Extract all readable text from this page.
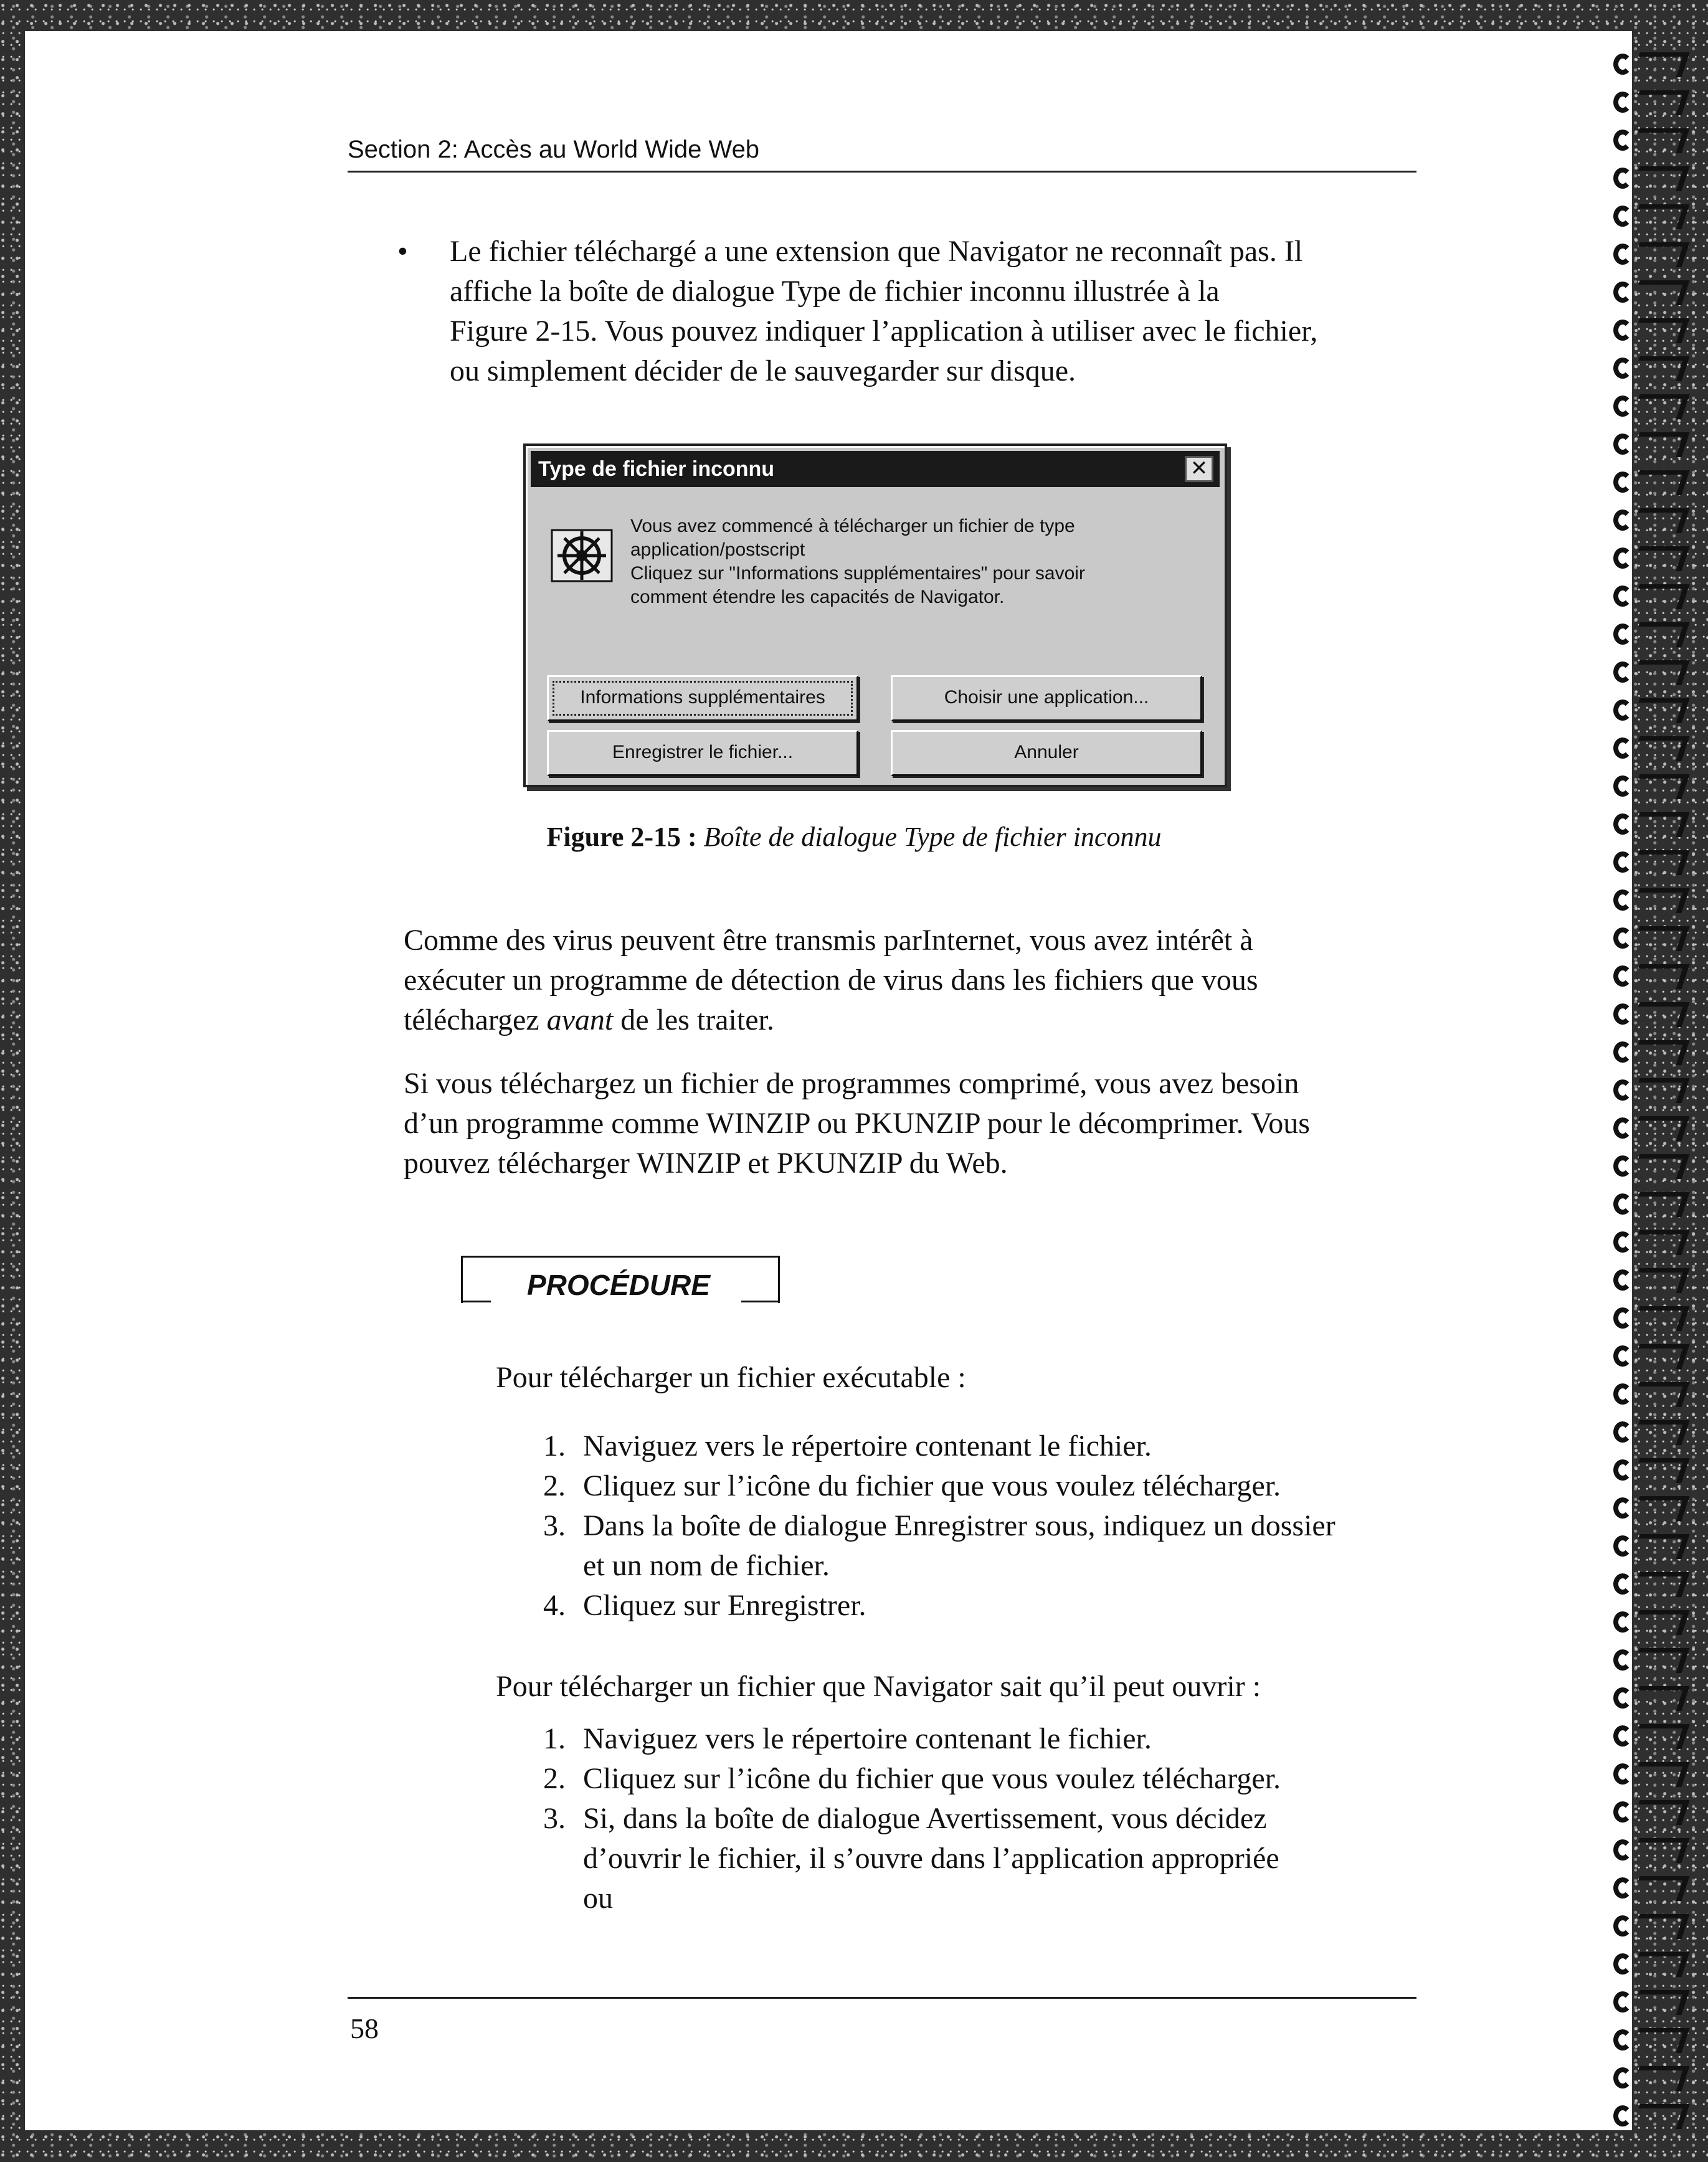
Section 2: Accès au World Wide Web
• Le fichier téléchargé a une extension que Navigator ne reconnaît pas. Il

affiche la boîte de dialogue Type de fichier inconnu illustrée à la

Figure 2-15. Vous pouvez indiquer l’application à utiliser avec le fichier,

ou simplement décider de le sauvegarder sur disque.

Type de fichier inconnu	✕
Vous avez commencé à télécharger un fichier de type
application/postscript
Cliquez sur "Informations supplémentaires" pour savoir
comment étendre les capacités de Navigator.
Informations supplémentaires	Choisir une application...
Enregistrer le fichier...	Annuler
Figure 2-15 : Boîte de dialogue Type de fichier inconnu
Comme des virus peuvent être transmis parInternet, vous avez intérêt à
exécuter un programme de détection de virus dans les fichiers que vous
téléchargez avant de les traiter.
Si vous téléchargez un fichier de programmes comprimé, vous avez besoin
d’un programme comme WINZIP ou PKUNZIP pour le décomprimer. Vous
pouvez télécharger WINZIP et PKUNZIP du Web.
PROCÉDURE

Pour télécharger un fichier exécutable :

1. Naviguez vers le répertoire contenant le fichier.
2. Cliquez sur l’icône du fichier que vous voulez télécharger.
3. Dans la boîte de dialogue Enregistrer sous, indiquez un dossier
et un nom de fichier.
4. Cliquez sur Enregistrer.

Pour télécharger un fichier que Navigator sait qu’il peut ouvrir :

1. Naviguez vers le répertoire contenant le fichier.
2. Cliquez sur l’icône du fichier que vous voulez télécharger.
3. Si, dans la boîte de dialogue Avertissement, vous décidez
d’ouvrir le fichier, il s’ouvre dans l’application appropriée
ou
58
